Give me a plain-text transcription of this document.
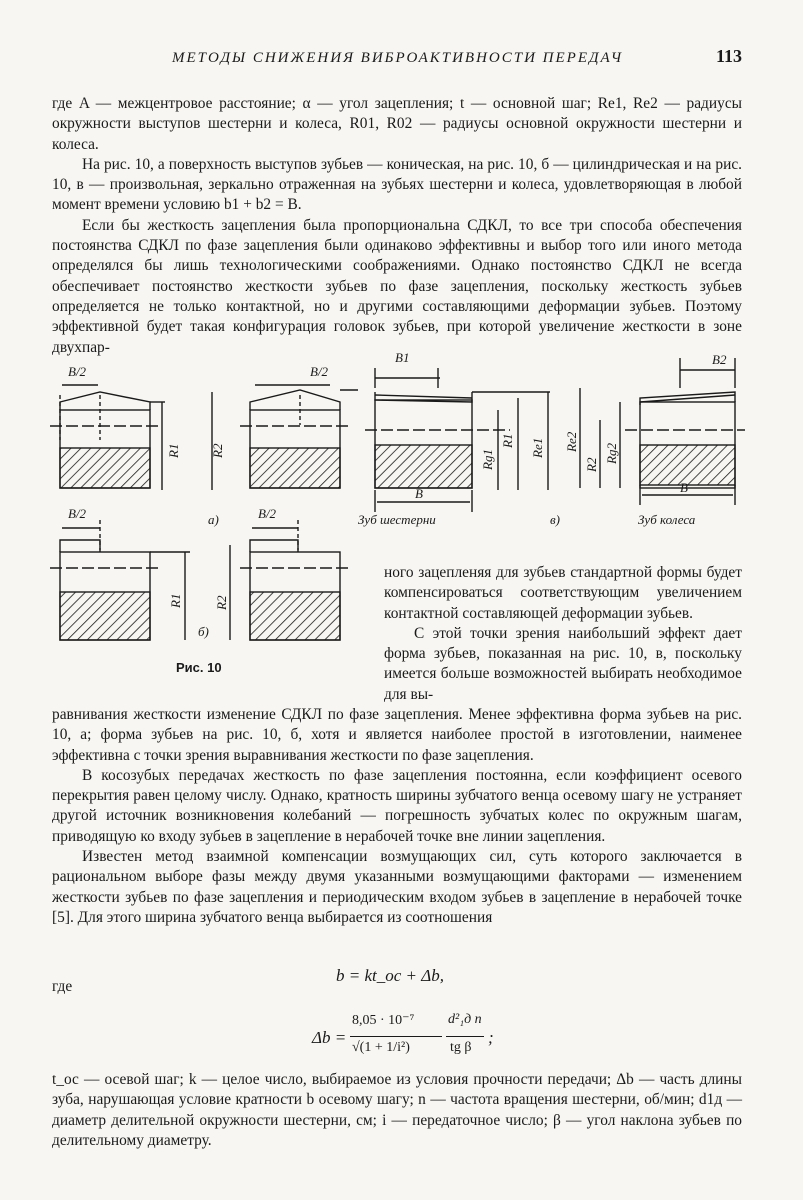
МЕТОДЫ СНИЖЕНИЯ ВИБРОАКТИВНОСТИ ПЕРЕДАЧ	113

где A — межцентровое расстояние; α — угол зацепления; t — основной шаг; Re1, Re2 — радиусы окружности выступов шестерни и колеса, R01, R02 — радиусы основной окружности шестерни и колеса.

На рис. 10, а поверхность выступов зубьев — коническая, на рис. 10, б — цилиндрическая и на рис. 10, в — произвольная, зеркально отраженная на зубьях шестерни и колеса, удовлетворяющая в любой момент времени условию b1 + b2 = B.

Если бы жесткость зацепления была пропорциональна СДКЛ, то все три способа обеспечения постоянства СДКЛ по фазе зацепления были одинаково эффективны и выбор того или иного метода определялся бы лишь технологическими соображениями. Однако постоянство СДКЛ не всегда обеспечивает постоянство жесткости зубьев по фазе зацепления, поскольку жесткость зубьев определяется не только контактной, но и другими составляющими деформации зубьев. Поэтому эффективной будет такая конфигурация головок зубьев, при которой увеличение жесткости в зоне двухпар-

B/2	B/2
B1	B2
B	B
а)	в)
б)
Зуб шестерни	Зуб колеса
B/2	B/2
R1 R2	Rg1
R1 Re1 Re2
R2
Rg2
R1 R2
Рис. 10

ного зацепленяя для зубьев стандартной формы будет компенсироваться соответствующим увеличением контактной составляющей деформации зубьев.

С этой точки зрения наибольший эффект дает форма зубьев, показанная на рис. 10, в, поскольку имеется больше возможностей выбирать необходимое для вы-

равнивания жесткости изменение СДКЛ по фазе зацепления. Менее эффективна форма зубьев на рис. 10, а; форма зубьев на рис. 10, б, хотя и является наиболее простой в изготовлении, наименее эффективна с точки зрения выравнивания жесткости по фазе зацепления.

В косозубых передачах жесткость по фазе зацепления постоянна, если коэффициент осевого перекрытия равен целому числу. Однако, кратность ширины зубчатого венца осевому шагу не устраняет другой источник возникновения колебаний — погрешность зубчатых колес по окружным шагам, приводящую ко входу зубьев в зацепление в нерабочей точке вне линии зацепления.

Известен метод взаимной компенсации возмущающих сил, суть которого заключается в рациональном выборе фазы между двумя указанными возмущающими факторами — изменением жесткости зубьев по фазе зацепления и периодическим входом зубьев в зацепление в нерабочей точке [5]. Для этого ширина зубчатого венца выбирается из соотношения

b = kt_ос + Δb,
где
Δb =
8,05 · 10⁻⁷
√(1 + 1/i²)
d²₁д n
tg β
;

t_ос — осевой шаг; k — целое число, выбираемое из условия прочности передачи; Δb — часть длины зуба, нарушающая условие кратности b осевому шагу; n — частота вращения шестерни, об/мин; d1д — диаметр делительной окружности шестерни, см; i — передаточное число; β — угол наклона зубьев по делительному диаметру.
